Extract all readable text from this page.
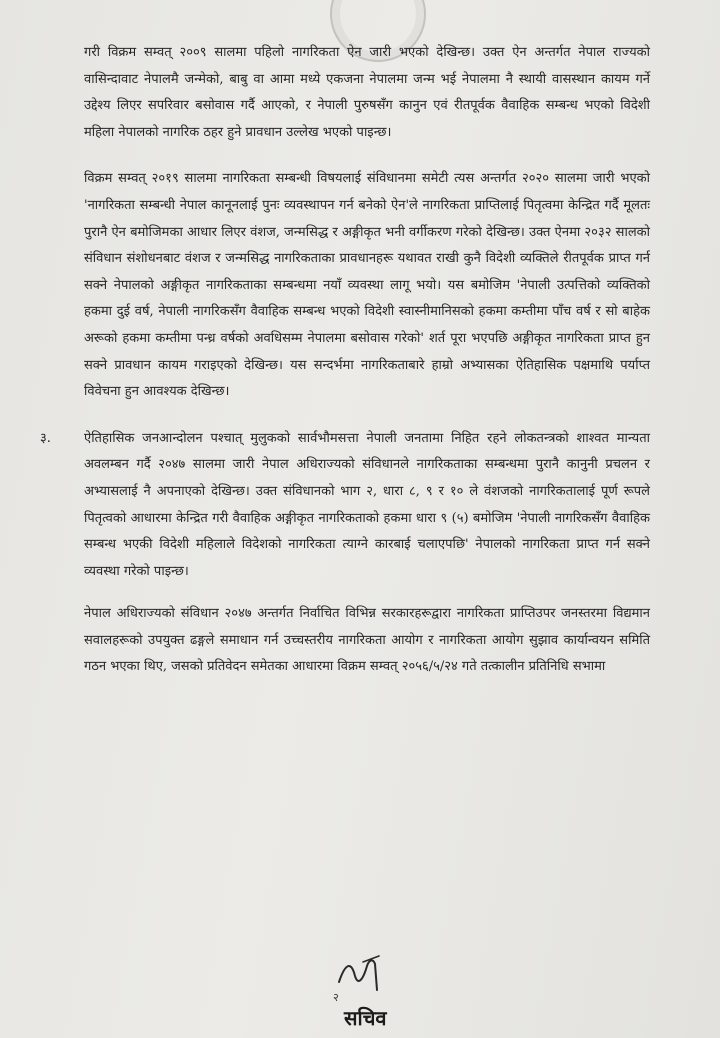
गरी विक्रम सम्वत् २००९ सालमा पहिलो नागरिकता ऐन जारी भएको देखिन्छ। उक्त ऐन अन्तर्गत नेपाल राज्यको वासिन्दावाट नेपालमै जन्मेको, बाबु वा आमा मध्ये एकजना नेपालमा जन्म भई नेपालमा नै स्थायी वासस्थान कायम गर्ने उद्देश्य लिएर सपरिवार बसोवास गर्दै आएको, र नेपाली पुरुषसँग कानुन एवं रीतपूर्वक वैवाहिक सम्बन्ध भएको विदेशी महिला नेपालको नागरिक ठहर हुने प्रावधान उल्लेख भएको पाइन्छ।

विक्रम सम्वत् २०१९ सालमा नागरिकता सम्बन्धी विषयलाई संविधानमा समेटी त्यस अन्तर्गत २०२० सालमा जारी भएको 'नागरिकता सम्बन्धी नेपाल कानूनलाई पुनः व्यवस्थापन गर्न बनेको ऐन'ले नागरिकता प्राप्तिलाई पितृत्वमा केन्द्रित गर्दै मूलतः पुरानै ऐन बमोजिमका आधार लिएर वंशज, जन्मसिद्ध र अङ्गीकृत भनी वर्गीकरण गरेको देखिन्छ। उक्त ऐनमा २०३२ सालको संविधान संशोधनबाट वंशज र जन्मसिद्ध नागरिकताका प्रावधानहरू यथावत राखी कुनै विदेशी व्यक्तिले रीतपूर्वक प्राप्त गर्न सक्ने नेपालको अङ्गीकृत नागरिकताका सम्बन्धमा नयाँ व्यवस्था लागू भयो। यस बमोजिम 'नेपाली उत्पत्तिको व्यक्तिको हकमा दुई वर्ष, नेपाली नागरिकसँग वैवाहिक सम्बन्ध भएको विदेशी स्वास्नीमानिसको हकमा कम्तीमा पाँच वर्ष र सो बाहेक अरूको हकमा कम्तीमा पन्ध्र वर्षको अवधिसम्म नेपालमा बसोवास गरेको' शर्त पूरा भएपछि अङ्गीकृत नागरिकता प्राप्त हुन सक्ने प्रावधान कायम गराइएको देखिन्छ। यस सन्दर्भमा नागरिकताबारे हाम्रो अभ्यासका ऐतिहासिक पक्षमाथि पर्याप्त विवेचना हुन आवश्यक देखिन्छ।

३.	ऐतिहासिक जनआन्दोलन पश्चात् मुलुकको सार्वभौमसत्ता नेपाली जनतामा निहित रहने लोकतन्त्रको शाश्वत मान्यता अवलम्बन गर्दै २०४७ सालमा जारी नेपाल अधिराज्यको संविधानले नागरिकताका सम्बन्धमा पुरानै कानुनी प्रचलन र अभ्यासलाई नै अपनाएको देखिन्छ। उक्त संविधानको भाग २, धारा ८, ९ र १० ले वंशजको नागरिकतालाई पूर्ण रूपले पितृत्वको आधारमा केन्द्रित गरी वैवाहिक अङ्गीकृत नागरिकताको हकमा धारा ९ (५) बमोजिम 'नेपाली नागरिकसँग वैवाहिक सम्बन्ध भएकी विदेशी महिलाले विदेशको नागरिकता त्याग्ने कारबाई चलाएपछि' नेपालको नागरिकता प्राप्त गर्न सक्ने व्यवस्था गरेको पाइन्छ।

नेपाल अधिराज्यको संविधान २०४७ अन्तर्गत निर्वाचित विभिन्न सरकारहरूद्वारा नागरिकता प्राप्तिउपर जनस्तरमा विद्यमान सवालहरूको उपयुक्त ढङ्गले समाधान गर्न उच्चस्तरीय नागरिकता आयोग र नागरिकता आयोग सुझाव कार्यान्वयन समिति गठन भएका थिए, जसको प्रतिवेदन समेतका आधारमा विक्रम सम्वत् २०५६/५/२४ गते तत्कालीन प्रतिनिधि सभामा

२
सचिव
